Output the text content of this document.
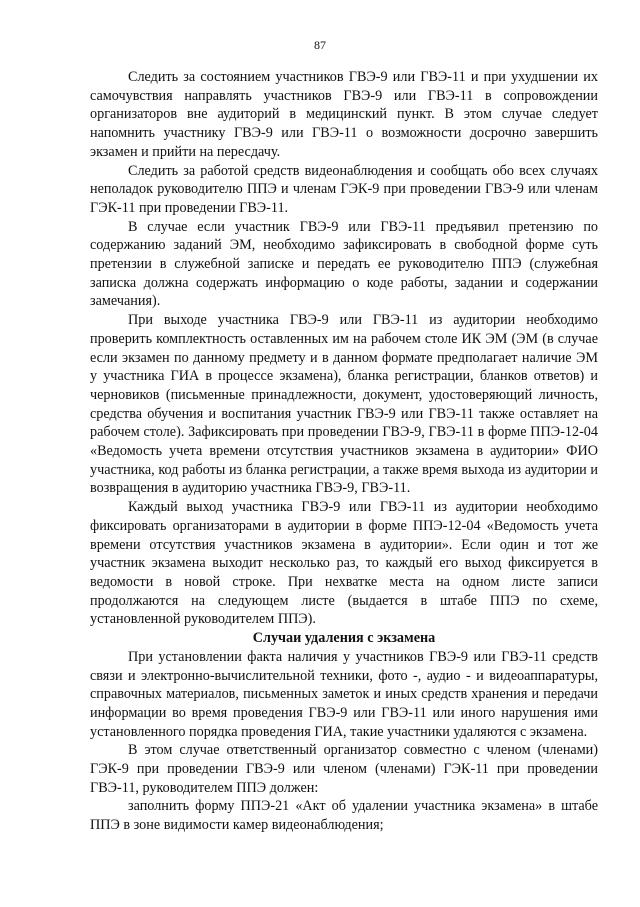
87

Следить за состоянием участников ГВЭ-9 или ГВЭ-11 и при ухудшении их самочувствия направлять участников ГВЭ-9 или ГВЭ-11 в сопровождении организаторов вне аудиторий в медицинский пункт. В этом случае следует напомнить участнику ГВЭ-9 или ГВЭ-11 о возможности досрочно завершить экзамен и прийти на пересдачу.

Следить за работой средств видеонаблюдения и сообщать обо всех случаях неполадок руководителю ППЭ и членам ГЭК-9 при проведении ГВЭ-9 или членам ГЭК-11 при проведении ГВЭ-11.

В случае если участник ГВЭ-9 или ГВЭ-11 предъявил претензию по содержанию заданий ЭМ, необходимо зафиксировать в свободной форме суть претензии в служебной записке и передать ее руководителю ППЭ (служебная записка должна содержать информацию о коде работы, задании и содержании замечания).

При выходе участника ГВЭ-9 или ГВЭ-11 из аудитории необходимо проверить комплектность оставленных им на рабочем столе ИК ЭМ (ЭМ (в случае если экзамен по данному предмету и в данном формате предполагает наличие ЭМ у участника ГИА в процессе экзамена), бланка регистрации, бланков ответов) и черновиков (письменные принадлежности, документ, удостоверяющий личность, средства обучения и воспитания участник ГВЭ-9 или ГВЭ-11 также оставляет на рабочем столе). Зафиксировать при проведении ГВЭ-9, ГВЭ-11 в форме ППЭ-12-04 «Ведомость учета времени отсутствия участников экзамена в аудитории» ФИО участника, код работы из бланка регистрации, а также время выхода из аудитории и возвращения в аудиторию участника ГВЭ-9, ГВЭ-11.

Каждый выход участника ГВЭ-9 или ГВЭ-11 из аудитории необходимо фиксировать организаторами в аудитории в форме ППЭ-12-04 «Ведомость учета времени отсутствия участников экзамена в аудитории». Если один и тот же участник экзамена выходит несколько раз, то каждый его выход фиксируется в ведомости в новой строке. При нехватке места на одном листе записи продолжаются на следующем листе (выдается в штабе ППЭ по схеме, установленной руководителем ППЭ).

Случаи удаления с экзамена

При установлении факта наличия у участников ГВЭ-9 или ГВЭ-11 средств связи и электронно-вычислительной техники, фото -, аудио - и видеоаппаратуры, справочных материалов, письменных заметок и иных средств хранения и передачи информации во время проведения ГВЭ-9 или ГВЭ-11 или иного нарушения ими установленного порядка проведения ГИА, такие участники удаляются с экзамена.

В этом случае ответственный организатор совместно с членом (членами) ГЭК-9 при проведении ГВЭ-9 или членом (членами) ГЭК-11 при проведении ГВЭ-11, руководителем ППЭ должен:

заполнить форму ППЭ-21 «Акт об удалении участника экзамена» в штабе ППЭ в зоне видимости камер видеонаблюдения;
